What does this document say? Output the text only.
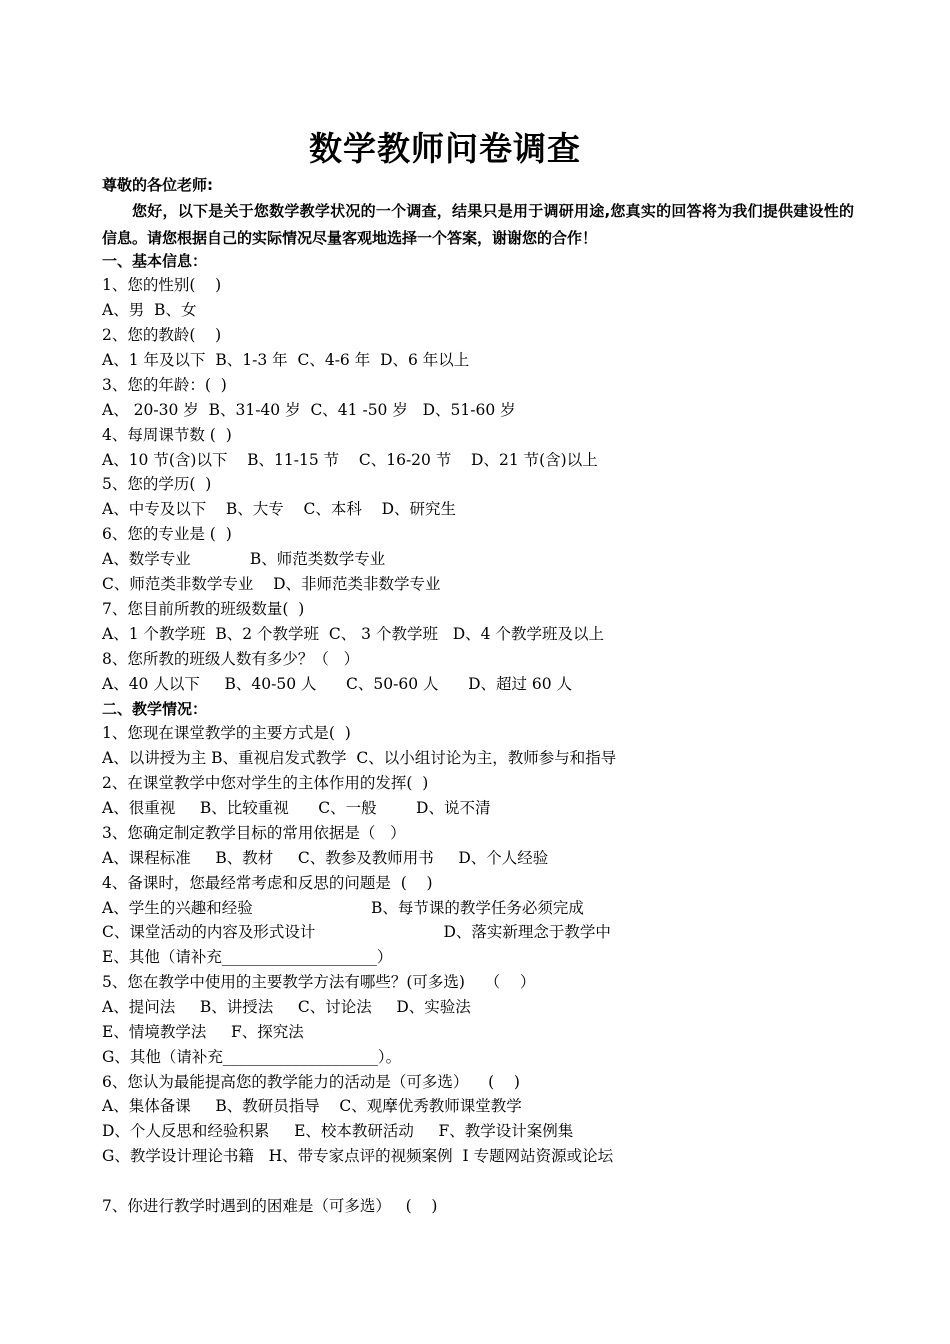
数学教师问卷调查
尊敬的各位老师:
您好，以下是关于您数学教学状况的一个调查，结果只是用于调研用途,您真实的回答将为我们提供建设性的信息。请您根据自己的实际情况尽量客观地选择一个答案，谢谢您的合作！
一、基本信息：
1、您的性别(    )
A、男  B、女
2、您的教龄(    )
A、1 年及以下  B、1-3 年  C、4-6 年  D、6 年以上
3、您的年龄：(  )
A、 20-30 岁  B、31-40 岁  C、41 -50 岁   D、51-60 岁
4、每周课节数 (  )
A、10 节(含)以下    B、11-15 节    C、16-20 节    D、21 节(含)以上
5、您的学历(  )
A、中专及以下    B、大专    C、本科    D、研究生
6、您的专业是 (  )
A、数学专业            B、师范类数学专业
C、师范类非数学专业    D、非师范类非数学专业
7、您目前所教的班级数量(  )
A、1 个教学班  B、2 个教学班  C、 3 个教学班   D、4 个教学班及以上
8、您所教的班级人数有多少？（   ）
A、40 人以下     B、40-50 人      C、50-60 人      D、超过 60 人
二、教学情况：
1、您现在课堂教学的主要方式是(  )
A、以讲授为主 B、重视启发式教学  C、以小组讨论为主，教师参与和指导
2、在课堂教学中您对学生的主体作用的发挥(  )
A、很重视     B、比较重视      C、一般        D、说不清
3、您确定制定教学目标的常用依据是（   ）
A、课程标准     B、教材     C、教参及教师用书     D、个人经验
4、备课时，您最经常考虑和反思的问题是  (    )
A、学生的兴趣和经验                        B、每节课的教学任务必须完成
C、课堂活动的内容及形式设计                          D、落实新理念于教学中
E、其他（请补充____________________）
5、您在教学中使用的主要教学方法有哪些？(可多选)    （    ）
A、提问法     B、讲授法     C、讨论法     D、实验法
E、情境教学法     F、探究法
G、其他（请补充____________________）。
6、您认为最能提高您的教学能力的活动是（可多选）    (    )
A、集体备课     B、教研员指导    C、观摩优秀教师课堂教学
D、个人反思和经验积累     E、校本教研活动     F、教学设计案例集
G、教学设计理论书籍   H、带专家点评的视频案例  I 专题网站资源或论坛
7、你进行教学时遇到的困难是（可多选）   (    )
